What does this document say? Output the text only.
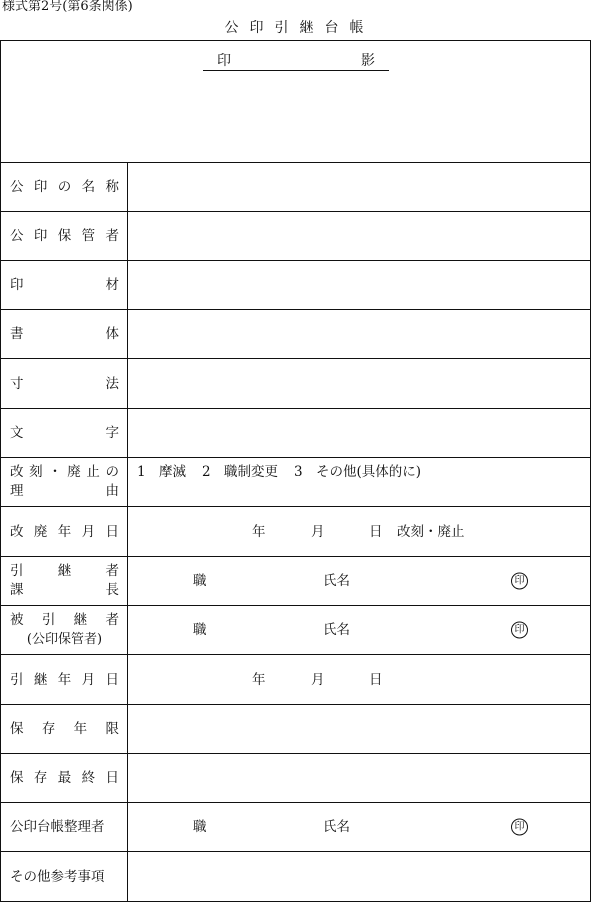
様式第2号(第6条関係)
公印引継台帳
印	影
公 印 の 名 称
公 印 保 管 者
印	材
書	体
寸	法
文	字
改 刻 ・ 廃 止 の
理	由
1 摩滅 2 職制変更 3 その他(具体的に)
改 廃 年 月 日	年	月	日 改刻・廃止
引	継	者
課	長
職	氏名	印
被 引 継 者
(公印保管者)
職	氏名	印
引 継 年 月 日	年	月	日
保 存 年 限
保 存 最 終 日
公印台帳整理者	職	氏名	印
その他参考事項
